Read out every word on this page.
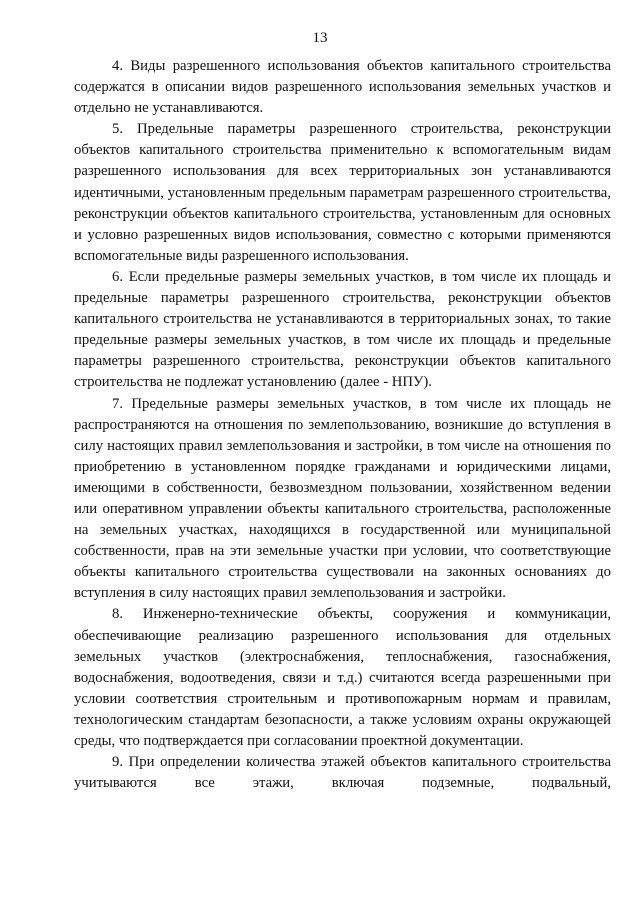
13

4. Виды разрешенного использования объектов капитального строительства содержатся в описании видов разрешенного использования земельных участков и отдельно не устанавливаются.

5. Предельные параметры разрешенного строительства, реконструкции объектов капитального строительства применительно к вспомогательным видам разрешенного использования для всех территориальных зон устанавливаются идентичными, установленным предельным параметрам разрешенного строительства, реконструкции объектов капитального строительства, установленным для основных и условно разрешенных видов использования, совместно с которыми применяются вспомогательные виды разрешенного использования.

6. Если предельные размеры земельных участков, в том числе их площадь и предельные параметры разрешенного строительства, реконструкции объектов капитального строительства не устанавливаются в территориальных зонах, то такие предельные размеры земельных участков, в том числе их площадь и предельные параметры разрешенного строительства, реконструкции объектов капитального строительства не подлежат установлению (далее - НПУ).

7. Предельные размеры земельных участков, в том числе их площадь не распространяются на отношения по землепользованию, возникшие до вступления в силу настоящих правил землепользования и застройки, в том числе на отношения по приобретению в установленном порядке гражданами и юридическими лицами, имеющими в собственности, безвозмездном пользовании, хозяйственном ведении или оперативном управлении объекты капитального строительства, расположенные на земельных участках, находящихся в государственной или муниципальной собственности, прав на эти земельные участки при условии, что соответствующие объекты капитального строительства существовали на законных основаниях до вступления в силу настоящих правил землепользования и застройки.

8. Инженерно-технические объекты, сооружения и коммуникации, обеспечивающие реализацию разрешенного использования для отдельных земельных участков (электроснабжения, теплоснабжения, газоснабжения, водоснабжения, водоотведения, связи и т.д.) считаются всегда разрешенными при условии соответствия строительным и противопожарным нормам и правилам, технологическим стандартам безопасности, а также условиям охраны окружающей среды, что подтверждается при согласовании проектной документации.

9. При определении количества этажей объектов капитального строительства учитываются все этажи, включая подземные, подвальный,
